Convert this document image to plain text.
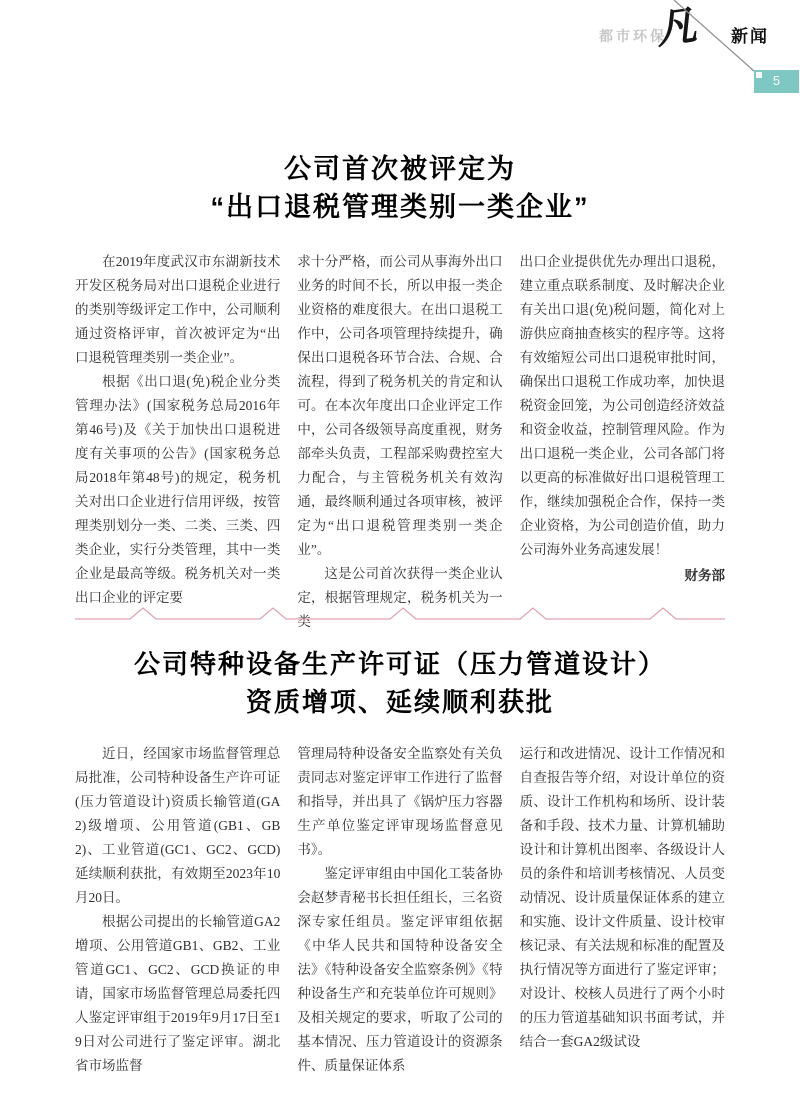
都市环保
凡 新闻
5
公司首次被评定为
“出口退税管理类别一类企业”

在2019年度武汉市东湖新技术开发区税务局对出口退税企业进行的类别等级评定工作中，公司顺利通过资格评审，首次被评定为“出口退税管理类别一类企业”。

根据《出口退(免)税企业分类管理办法》(国家税务总局2016年第46号)及《关于加快出口退税进度有关事项的公告》(国家税务总局2018年第48号)的规定，税务机关对出口企业进行信用评级，按管理类别划分一类、二类、三类、四类企业，实行分类管理，其中一类企业是最高等级。税务机关对一类出口企业的评定要

求十分严格，而公司从事海外出口业务的时间不长，所以申报一类企业资格的难度很大。在出口退税工作中，公司各项管理持续提升，确保出口退税各环节合法、合规、合流程，得到了税务机关的肯定和认可。在本次年度出口企业评定工作中，公司各级领导高度重视，财务部牵头负责，工程部采购费控室大力配合，与主管税务机关有效沟通，最终顺利通过各项审核，被评定为“出口退税管理类别一类企业”。

这是公司首次获得一类企业认定，根据管理规定，税务机关为一类

出口企业提供优先办理出口退税，建立重点联系制度、及时解决企业有关出口退(免)税问题，简化对上游供应商抽查核实的程序等。这将有效缩短公司出口退税审批时间，确保出口退税工作成功率，加快退税资金回笼，为公司创造经济效益和资金收益，控制管理风险。作为出口退税一类企业，公司各部门将以更高的标准做好出口退税管理工作，继续加强税企合作，保持一类企业资格，为公司创造价值，助力公司海外业务高速发展！

财务部

公司特种设备生产许可证（压力管道设计）
资质增项、延续顺利获批

近日，经国家市场监督管理总局批准，公司特种设备生产许可证(压力管道设计)资质长输管道(GA2)级增项、公用管道(GB1、GB2)、工业管道(GC1、GC2、GCD)延续顺利获批，有效期至2023年10月20日。

根据公司提出的长输管道GA2增项、公用管道GB1、GB2、工业管道GC1、GC2、GCD换证的申请，国家市场监督管理总局委托四人鉴定评审组于2019年9月17日至19日对公司进行了鉴定评审。湖北省市场监督

管理局特种设备安全监察处有关负责同志对鉴定评审工作进行了监督和指导，并出具了《锅炉压力容器生产单位鉴定评审现场监督意见书》。

鉴定评审组由中国化工装备协会赵梦青秘书长担任组长，三名资深专家任组员。鉴定评审组依据《中华人民共和国特种设备安全法》《特种设备安全监察条例》《特种设备生产和充装单位许可规则》及相关规定的要求，听取了公司的基本情况、压力管道设计的资源条件、质量保证体系

运行和改进情况、设计工作情况和自查报告等介绍，对设计单位的资质、设计工作机构和场所、设计装备和手段、技术力量、计算机辅助设计和计算机出图率、各级设计人员的条件和培训考核情况、人员变动情况、设计质量保证体系的建立和实施、设计文件质量、设计校审核记录、有关法规和标准的配置及执行情况等方面进行了鉴定评审；对设计、校核人员进行了两个小时的压力管道基础知识书面考试，并结合一套GA2级试设
